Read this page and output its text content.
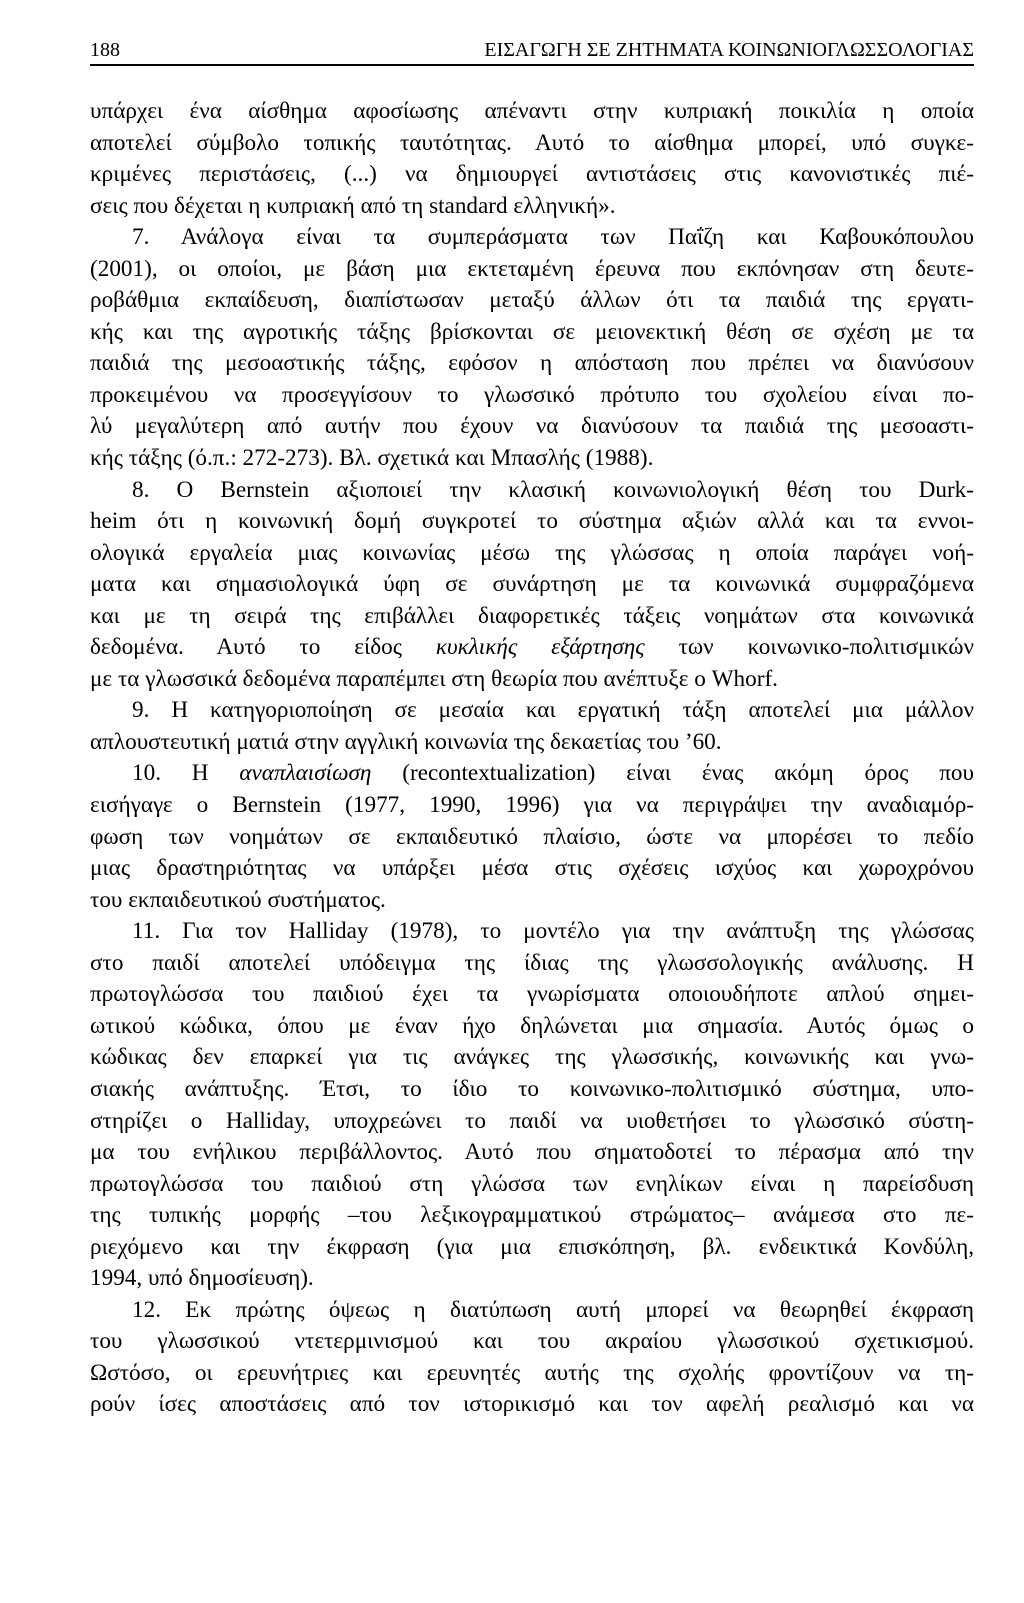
188	ΕΙΣΑΓΩΓΗ ΣΕ ΖΗΤΗΜΑΤΑ ΚΟΙΝΩΝΙΟΓΛΩΣΣΟΛΟΓΙΑΣ
υπάρχει ένα αίσθημα αφοσίωσης απέναντι στην κυπριακή ποικιλία η οποία
αποτελεί σύμβολο τοπικής ταυτότητας. Αυτό το αίσθημα μπορεί, υπό συγκε-
κριμένες περιστάσεις, (...) να δημιουργεί αντιστάσεις στις κανονιστικές πιέ-
σεις που δέχεται η κυπριακή από τη standard ελληνική».
7. Ανάλογα είναι τα συμπεράσματα των Παΐζη και Καβουκόπουλου
(2001), οι οποίοι, με βάση μια εκτεταμένη έρευνα που εκπόνησαν στη δευτε-
ροβάθμια εκπαίδευση, διαπίστωσαν μεταξύ άλλων ότι τα παιδιά της εργατι-
κής και της αγροτικής τάξης βρίσκονται σε μειονεκτική θέση σε σχέση με τα
παιδιά της μεσοαστικής τάξης, εφόσον η απόσταση που πρέπει να διανύσουν
προκειμένου να προσεγγίσουν το γλωσσικό πρότυπο του σχολείου είναι πο-
λύ μεγαλύτερη από αυτήν που έχουν να διανύσουν τα παιδιά της μεσοαστι-
κής τάξης (ό.π.: 272-273). Βλ. σχετικά και Μπασλής (1988).
8. Ο Bernstein αξιοποιεί την κλασική κοινωνιολογική θέση του Durk-
heim ότι η κοινωνική δομή συγκροτεί το σύστημα αξιών αλλά και τα εννοι-
ολογικά εργαλεία μιας κοινωνίας μέσω της γλώσσας η οποία παράγει νοή-
ματα και σημασιολογικά ύφη σε συνάρτηση με τα κοινωνικά συμφραζόμενα
και με τη σειρά της επιβάλλει διαφορετικές τάξεις νοημάτων στα κοινωνικά
δεδομένα. Αυτό το είδος κυκλικής εξάρτησης των κοινωνικο-πολιτισμικών
με τα γλωσσικά δεδομένα παραπέμπει στη θεωρία που ανέπτυξε ο Whorf.
9. Η κατηγοριοποίηση σε μεσαία και εργατική τάξη αποτελεί μια μάλλον
απλουστευτική ματιά στην αγγλική κοινωνία της δεκαετίας του ’60.
10. Η αναπλαισίωση (recontextualization) είναι ένας ακόμη όρος που
εισήγαγε ο Bernstein (1977, 1990, 1996) για να περιγράψει την αναδιαμόρ-
φωση των νοημάτων σε εκπαιδευτικό πλαίσιο, ώστε να μπορέσει το πεδίο
μιας δραστηριότητας να υπάρξει μέσα στις σχέσεις ισχύος και χωροχρόνου
του εκπαιδευτικού συστήματος.
11. Για τον Halliday (1978), το μοντέλο για την ανάπτυξη της γλώσσας
στο παιδί αποτελεί υπόδειγμα της ίδιας της γλωσσολογικής ανάλυσης. Η
πρωτογλώσσα του παιδιού έχει τα γνωρίσματα οποιουδήποτε απλού σημει-
ωτικού κώδικα, όπου με έναν ήχο δηλώνεται μια σημασία. Αυτός όμως ο
κώδικας δεν επαρκεί για τις ανάγκες της γλωσσικής, κοινωνικής και γνω-
σιακής ανάπτυξης. Έτσι, το ίδιο το κοινωνικο-πολιτισμικό σύστημα, υπο-
στηρίζει ο Halliday, υποχρεώνει το παιδί να υιοθετήσει το γλωσσικό σύστη-
μα του ενήλικου περιβάλλοντος. Αυτό που σηματοδοτεί το πέρασμα από την
πρωτογλώσσα του παιδιού στη γλώσσα των ενηλίκων είναι η παρείσδυση
της τυπικής μορφής –του λεξικογραμματικού στρώματος– ανάμεσα στο πε-
ριεχόμενο και την έκφραση (για μια επισκόπηση, βλ. ενδεικτικά Κονδύλη,
1994, υπό δημοσίευση).
12. Εκ πρώτης όψεως η διατύπωση αυτή μπορεί να θεωρηθεί έκφραση
του γλωσσικού ντετερμινισμού και του ακραίου γλωσσικού σχετικισμού.
Ωστόσο, οι ερευνήτριες και ερευνητές αυτής της σχολής φροντίζουν να τη-
ρούν ίσες αποστάσεις από τον ιστορικισμό και τον αφελή ρεαλισμό και να
